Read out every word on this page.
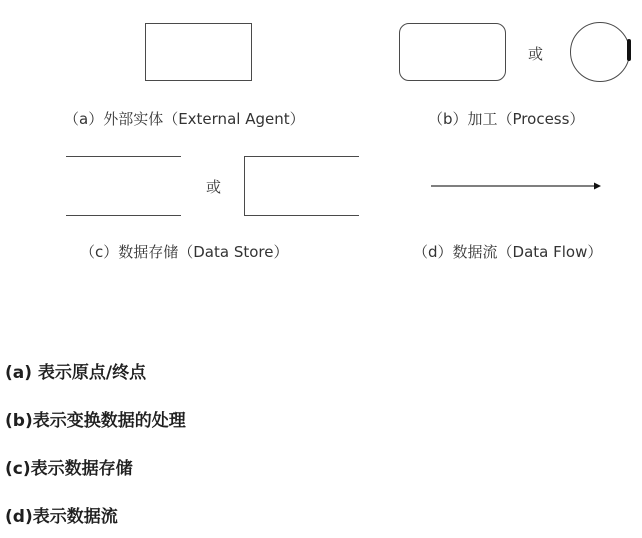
或
（a）外部实体（External Agent）	（b）加工（Process）
或
（c）数据存储（Data Store）	（d）数据流（Data Flow）
(a) 表示原点/终点
(b)表示变换数据的处理
(c)表示数据存储
(d)表示数据流
